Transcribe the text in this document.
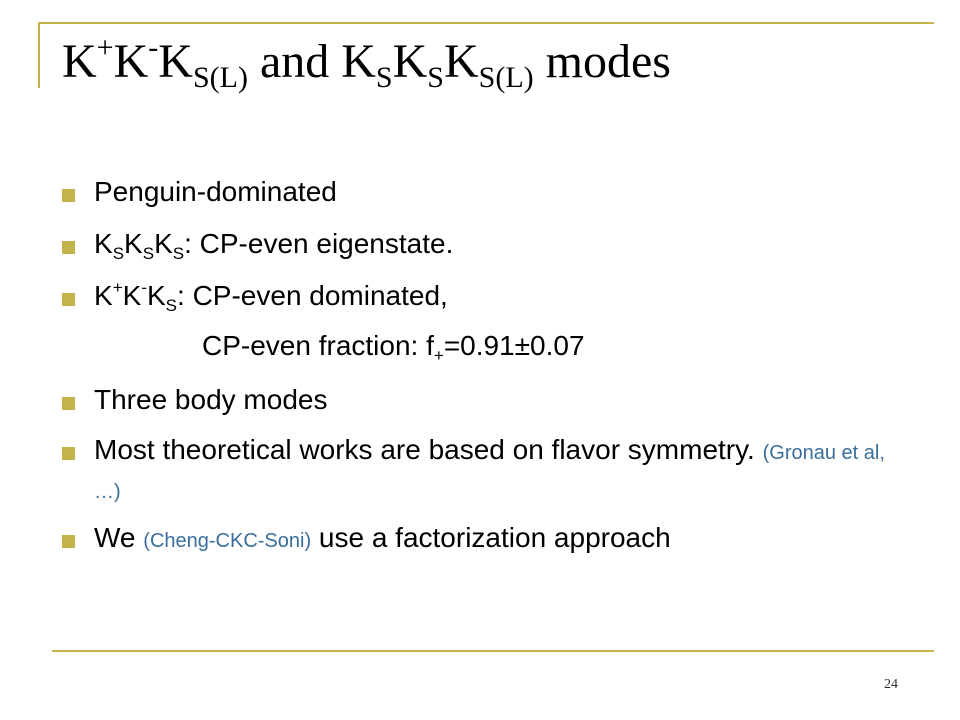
$K^+K^-K_{S(L)}$ and $K_SK_SK_{S(L)}$ modes
Penguin-dominated
$K_SK_SK_S$: CP-even eigenstate.
$K^+K^-K_S$: CP-even dominated,
Three body modes
Most theoretical works are based on flavor symmetry. (Gronau et al, …)
We (Cheng-CKC-Soni) use a factorization approach
CP-even fraction: $f_+=0.91\pm 0.07$
24
